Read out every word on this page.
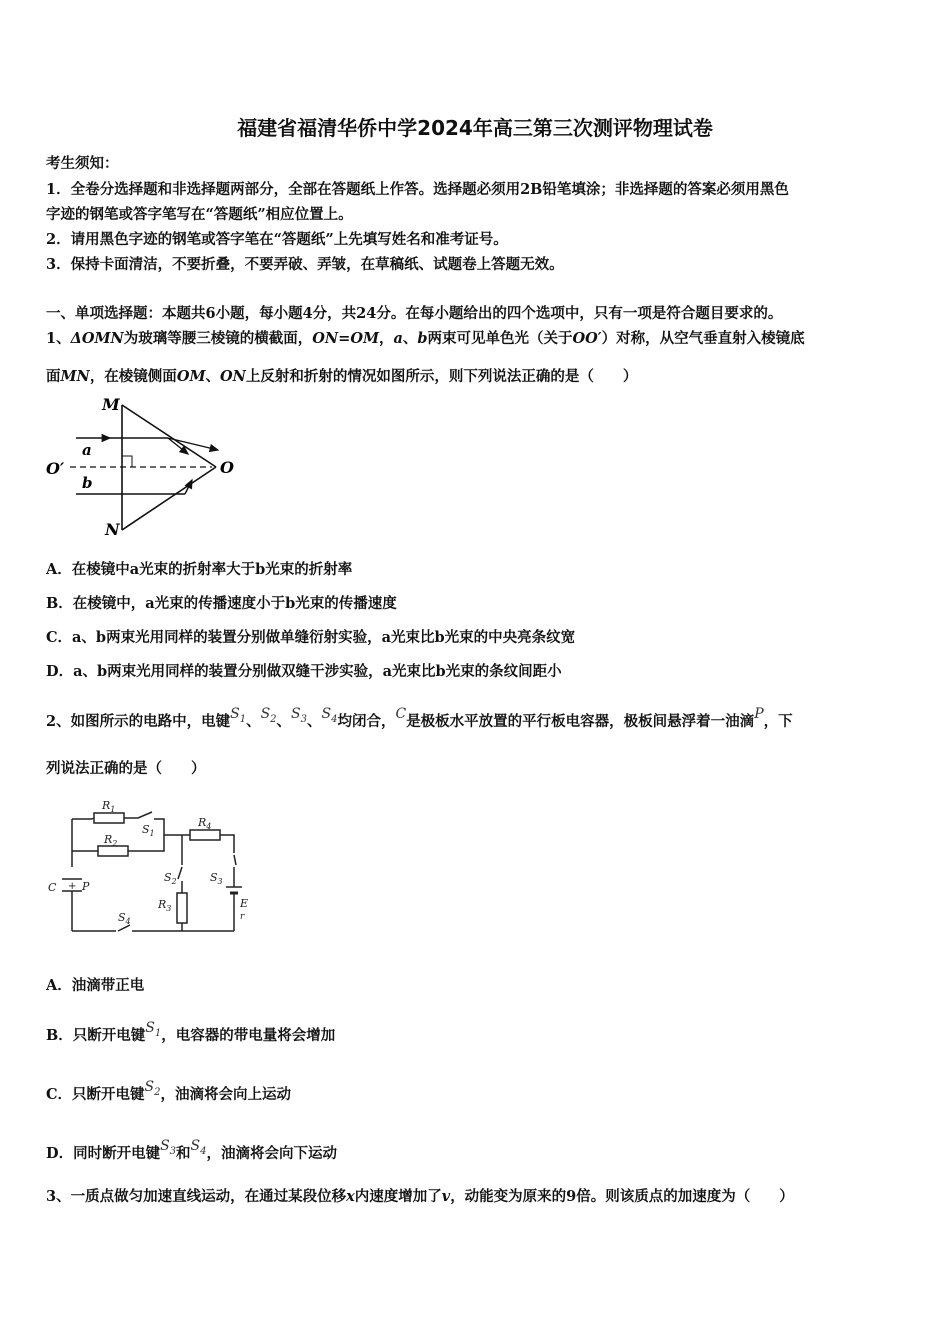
福建省福清华侨中学2024年高三第三次测评物理试卷
考生须知：
1．全卷分选择题和非选择题两部分，全部在答题纸上作答。选择题必须用2B铅笔填涂；非选择题的答案必须用黑色
字迹的钢笔或答字笔写在“答题纸”相应位置上。
2．请用黑色字迹的钢笔或答字笔在“答题纸”上先填写姓名和准考证号。
3．保持卡面清洁，不要折叠，不要弄破、弄皱，在草稿纸、试题卷上答题无效。
一、单项选择题：本题共6小题，每小题4分，共24分。在每小题给出的四个选项中，只有一项是符合题目要求的。
1、ΔOMN为玻璃等腰三棱镜的横截面，ON=OM，a、b两束可见单色光（关于OO′）对称，从空气垂直射入棱镜底
面MN，在棱镜侧面OM、ON上反射和折射的情况如图所示，则下列说法正确的是（　　）
M
N
O
O′
a
b
A．在棱镜中a光束的折射率大于b光束的折射率
B．在棱镜中，a光束的传播速度小于b光束的传播速度
C．a、b两束光用同样的装置分别做单缝衍射实验，a光束比b光束的中央亮条纹宽
D．a、b两束光用同样的装置分别做双缝干涉实验，a光束比b光束的条纹间距小
2、如图所示的电路中，电键$S^1$、$S^2$、$S^3$、$S^4$均闭合，C是极板水平放置的平行板电容器，极板间悬浮着一油滴P，下
列说法正确的是（　　）
$R_1$
$R_2$
$S_1$
$R_4$
$S_2$	$S_3$
$R_3$
$S_4$
C P
E
r
+
A．油滴带正电
B．只断开电键$S^1$，电容器的带电量将会增加
C．只断开电键$S^2$，油滴将会向上运动
D．同时断开电键$S^3$和$S^4$，油滴将会向下运动
3、一质点做匀加速直线运动，在通过某段位移x内速度增加了v，动能变为原来的9倍。则该质点的加速度为（　　）
